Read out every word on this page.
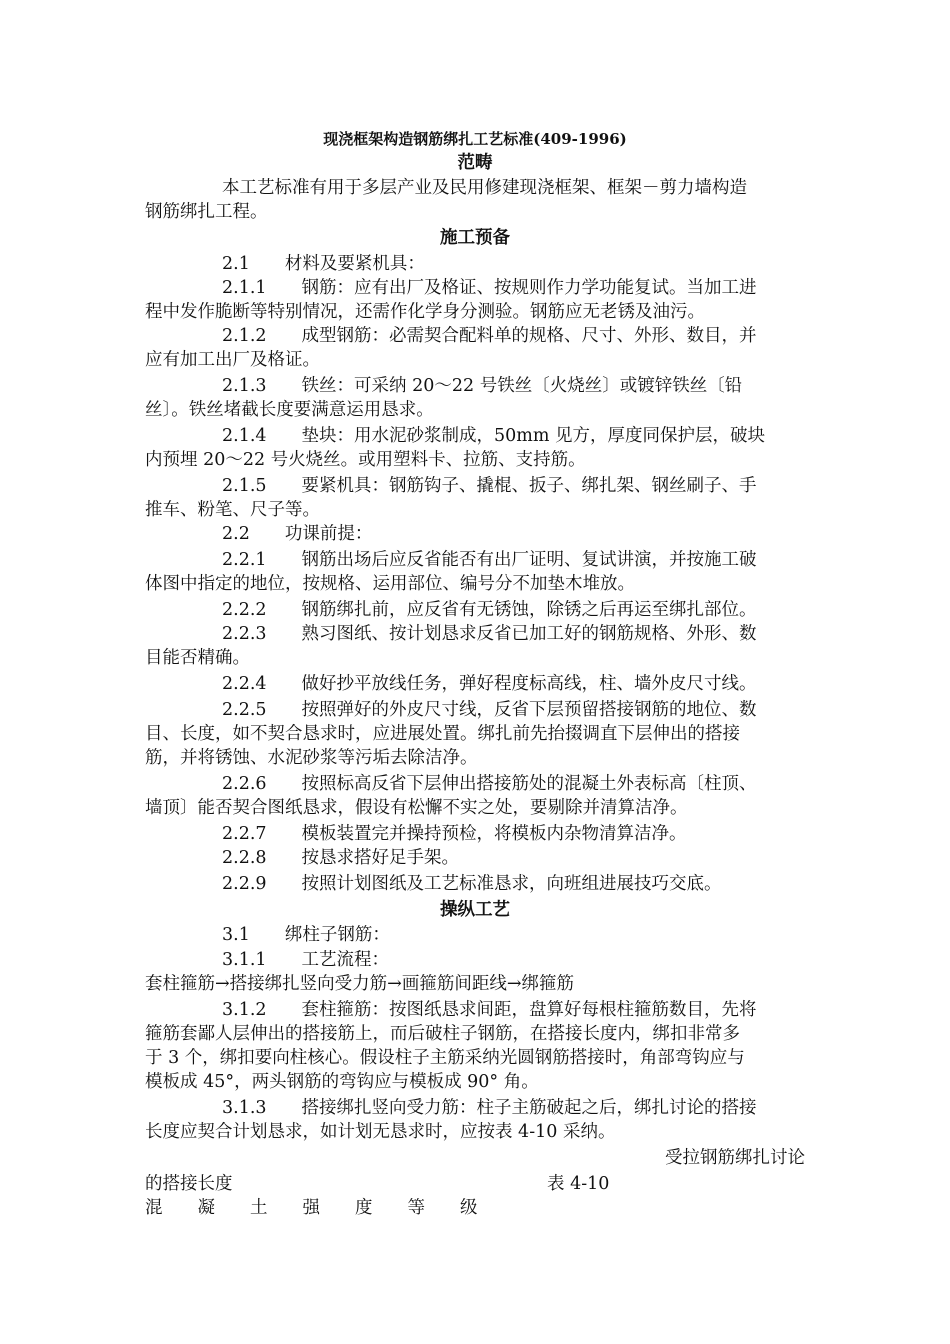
现浇框架构造钢筋绑扎工艺标准(409-1996)
范畴
本工艺标准有用于多层产业及民用修建现浇框架、框架－剪力墙构造
钢筋绑扎工程。
施工预备
2.1　　材料及要紧机具：
2.1.1　　钢筋：应有出厂及格证、按规则作力学功能复试。当加工进
程中发作脆断等特别情况，还需作化学身分测验。钢筋应无老锈及油污。
2.1.2　　成型钢筋：必需契合配料单的规格、尺寸、外形、数目，并
应有加工出厂及格证。
2.1.3　　铁丝：可采纳 20～22 号铁丝〔火烧丝〕或镀锌铁丝〔铅
丝〕。铁丝堵截长度要满意运用恳求。
2.1.4　　垫块：用水泥砂浆制成，50mm 见方，厚度同保护层，破块
内预埋 20～22 号火烧丝。或用塑料卡、拉筋、支持筋。
2.1.5　　要紧机具：钢筋钩子、撬棍、扳子、绑扎架、钢丝刷子、手
推车、粉笔、尺子等。
2.2　　功课前提：
2.2.1　　钢筋出场后应反省能否有出厂证明、复试讲演，并按施工破
体图中指定的地位，按规格、运用部位、编号分不加垫木堆放。
2.2.2　　钢筋绑扎前，应反省有无锈蚀，除锈之后再运至绑扎部位。
2.2.3　　熟习图纸、按计划恳求反省已加工好的钢筋规格、外形、数
目能否精确。
2.2.4　　做好抄平放线任务，弹好程度标高线，柱、墙外皮尺寸线。
2.2.5　　按照弹好的外皮尺寸线，反省下层预留搭接钢筋的地位、数
目、长度，如不契合恳求时，应进展处置。绑扎前先抬掇调直下层伸出的搭接
筋，并将锈蚀、水泥砂浆等污垢去除洁净。
2.2.6　　按照标高反省下层伸出搭接筋处的混凝土外表标高〔柱顶、
墙顶〕能否契合图纸恳求，假设有松懈不实之处，要剔除并清算洁净。
2.2.7　　模板装置完并操持预检，将模板内杂物清算洁净。
2.2.8　　按恳求搭好足手架。
2.2.9　　按照计划图纸及工艺标准恳求，向班组进展技巧交底。
操纵工艺
3.1　　绑柱子钢筋：
3.1.1　　工艺流程：
套柱箍筋→搭接绑扎竖向受力筋→画箍筋间距线→绑箍筋
3.1.2　　套柱箍筋：按图纸恳求间距，盘算好每根柱箍筋数目，先将
箍筋套鄙人层伸出的搭接筋上，而后破柱子钢筋，在搭接长度内，绑扣非常多
于 3 个，绑扣要向柱核心。假设柱子主筋采纳光圆钢筋搭接时，角部弯钩应与
模板成 45°，两头钢筋的弯钩应与模板成 90° 角。
3.1.3　　搭接绑扎竖向受力筋：柱子主筋破起之后，绑扎讨论的搭接
长度应契合计划恳求，如计划无恳求时，应按表 4-10 采纳。
受拉钢筋绑扎讨论
的搭接长度	表 4-10
混　　凝　　土　　强　　度　　等　　级
